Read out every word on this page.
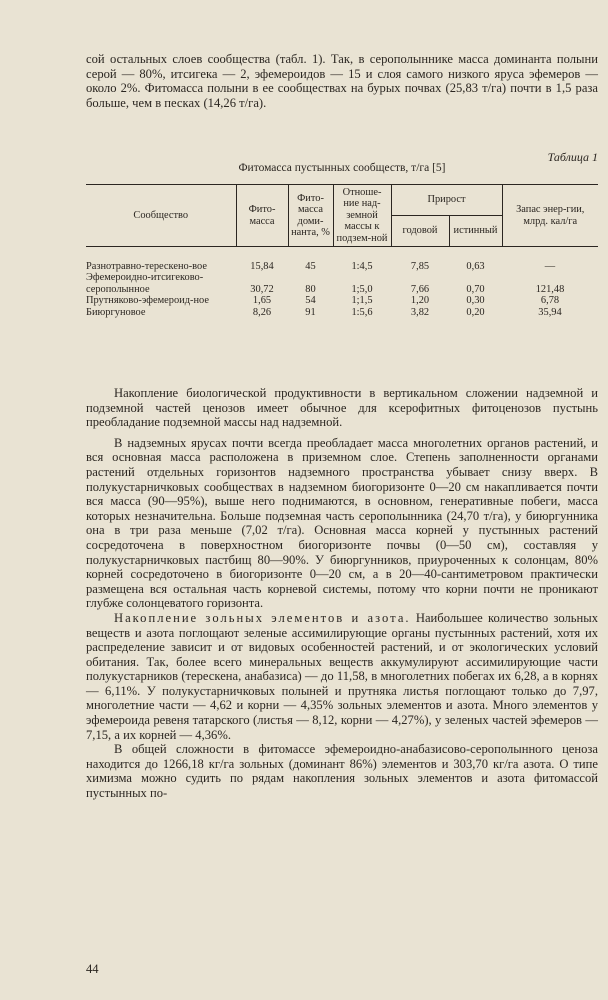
сой остальных слоев сообщества (табл. 1). Так, в серополыннике масса доминанта полыни серой — 80%, итсигека — 2, эфемероидов — 15 и слоя самого низкого яруса эфемеров — около 2%. Фитомасса полыни в ее сообществах на бурых почвах (25,83 т/га) почти в 1,5 раза больше, чем в песках (14,26 т/га).

Таблица 1
Фитомасса пустынных сообществ, т/га [5]
Сообщество	Фито-масса	Фито-масса доми-нанта, %	Отноше-ние над-земной массы к подзем-ной	Прирост		Запас энер-гии, млрд. кал/га
				годовой	истинный	
Разнотравно-терескено-вое	15,84	45	1:4,5	7,85	0,63	—
Эфемероидно-итсигеково-серополынное	30,72	80	1;5,0	7,66	0,70	121,48
Прутняково-эфемероид-ное	1,65	54	1;1,5	1,20	0,30	6,78
Биюргуновое	8,26	91	1:5,6	3,82	0,20	35,94

Накопление биологической продуктивности в вертикальном сложении надземной и подземной частей ценозов имеет обычное для ксерофитных фитоценозов пустынь преобладание подземной массы над надземной.

В надземных ярусах почти всегда преобладает масса многолетних органов растений, и вся основная масса расположена в приземном слое. Степень заполненности органами растений отдельных горизонтов надземного пространства убывает снизу вверх. В полукустарничковых сообществах в надземном биогоризонте 0—20 см накапливается почти вся масса (90—95%), выше него поднимаются, в основном, генеративные побеги, масса которых незначительна. Больше подземная часть серополынника (24,70 т/га), у биюргунника она в три раза меньше (7,02 т/га). Основная масса корней у пустынных растений сосредоточена в поверхностном биогоризонте почвы (0—50 см), составляя у полукустарничковых пастбищ 80—90%. У биюргунников, приуроченных к солонцам, 80% корней сосредоточено в биогоризонте 0—20 см, а в 20—40-сантиметровом практически размещена вся остальная часть корневой системы, потому что корни почти не проникают глубже солонцеватого горизонта.

Накопление зольных элементов и азота. Наибольшее количество зольных веществ и азота поглощают зеленые ассимилирующие органы пустынных растений, хотя их распределение зависит и от видовых особенностей растений, и от экологических условий обитания. Так, более всего минеральных веществ аккумулируют ассимилирующие части полукустарников (терескена, анабазиса) — до 11,58, в многолетних побегах их 6,28, а в корнях — 6,11%. У полукустарничковых полыней и прутняка листья поглощают только до 7,97, многолетние части — 4,62 и корни — 4,35% зольных элементов и азота. Много элементов у эфемероида ревеня татарского (листья — 8,12, корни — 4,27%), у зеленых частей эфемеров — 7,15, а их корней — 4,36%.

В общей сложности в фитомассе эфемероидно-анабазисово-серополынного ценоза находится до 1266,18 кг/га зольных (доминант 86%) элементов и 303,70 кг/га азота. О типе химизма можно судить по рядам накопления зольных элементов и азота фитомассой пустынных по-

44
